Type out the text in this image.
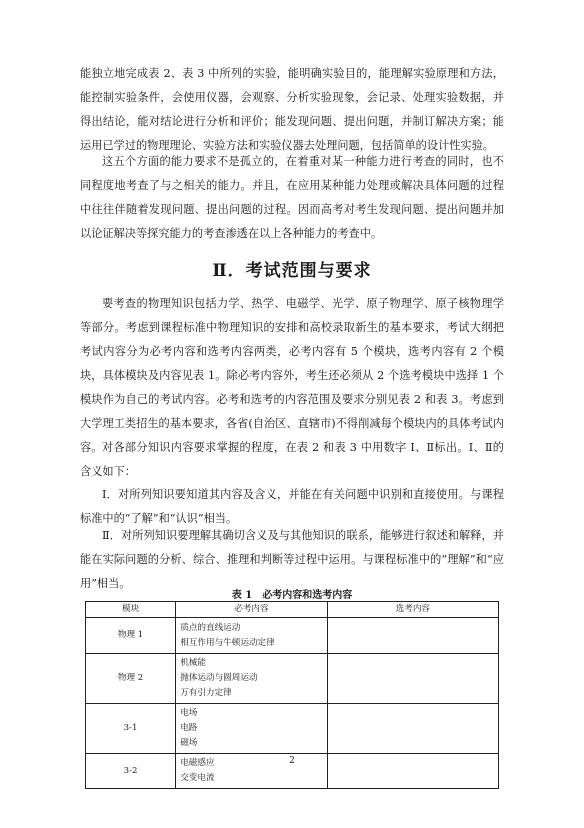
能独立地完成表 2、表 3 中所列的实验，能明确实验目的，能理解实验原理和方法，能控制实验条件，会使用仪器，会观察、分析实验现象，会记录、处理实验数据，并得出结论，能对结论进行分析和评价；能发现问题、提出问题，并制订解决方案；能运用已学过的物理理论、实验方法和实验仪器去处理问题，包括简单的设计性实验。

这五个方面的能力要求不是孤立的，在着重对某一种能力进行考查的同时，也不同程度地考查了与之相关的能力。并且，在应用某种能力处理或解决具体问题的过程中往往伴随着发现问题、提出问题的过程。因而高考对考生发现问题、提出问题并加以论证解决等探究能力的考查渗透在以上各种能力的考查中。

Ⅱ．考试范围与要求

要考查的物理知识包括力学、热学、电磁学、光学、原子物理学、原子核物理学等部分。考虑到课程标准中物理知识的安排和高校录取新生的基本要求，考试大纲把考试内容分为必考内容和选考内容两类，必考内容有 5 个模块，选考内容有 2 个模块，具体模块及内容见表 1。除必考内容外，考生还必须从 2 个选考模块中选择 1 个模块作为自己的考试内容。必考和选考的内容范围及要求分别见表 2 和表 3。考虑到大学理工类招生的基本要求，各省(自治区、直辖市)不得削减每个模块内的具体考试内容。 对各部分知识内容要求掌握的程度，在表 2 和表 3 中用数字 Ⅰ、Ⅱ标出。Ⅰ、Ⅱ的含义如下：

Ⅰ．对所列知识要知道其内容及含义，并能在有关问题中识别和直接使用。与课程标准中的“了解”和“认识”相当。

Ⅱ．对所列知识要理解其确切含义及与其他知识的联系，能够进行叙述和解释，并能在实际问题的分析、综合、推理和判断等过程中运用。与课程标准中的“理解”和“应用”相当。

表 1　必考内容和选考内容

模块	必考内容	选考内容
物理 1	质点的直线运动
相互作用与牛顿运动定律	

物理 2	机械能
抛体运动与圆周运动
万有引力定律	

3-1	电场
电路
磁场	

3-2	电磁感应
交变电流	

2
